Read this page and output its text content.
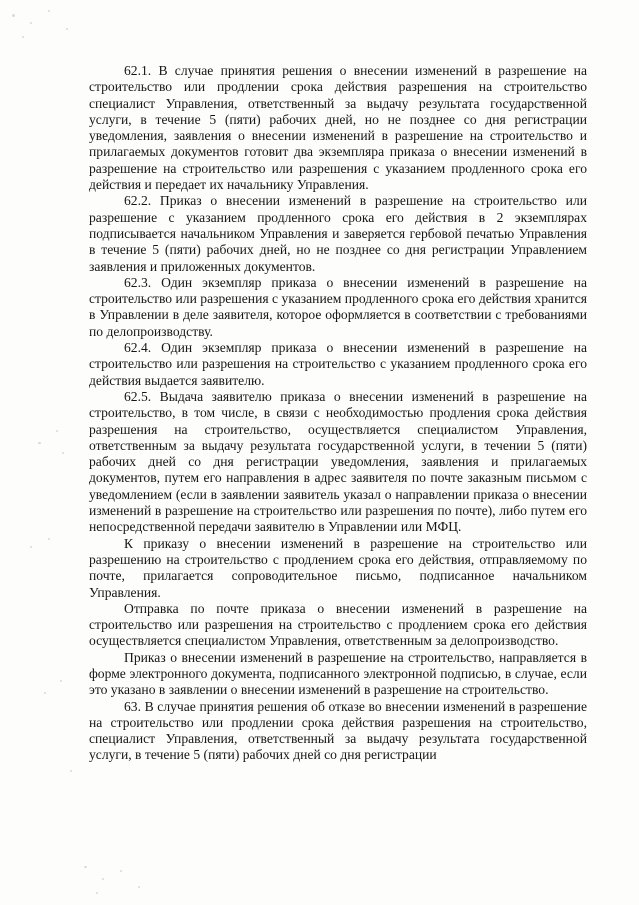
62.1. В случае принятия решения о внесении изменений в разрешение на строительство или продлении срока действия разрешения на строительство специалист Управления, ответственный за выдачу результата государственной услуги, в течение 5 (пяти) рабочих дней, но не позднее со дня регистрации уведомления, заявления о внесении изменений в разрешение на строительство и прилагаемых документов готовит два экземпляра приказа о внесении изменений в разрешение на строительство или разрешения с указанием продленного срока его действия и передает их начальнику Управления.

62.2. Приказ о внесении изменений в разрешение на строительство или разрешение с указанием продленного срока его действия в 2 экземплярах подписывается начальником Управления и заверяется гербовой печатью Управления в течение 5 (пяти) рабочих дней, но не позднее со дня регистрации Управлением заявления и приложенных документов.

62.3. Один экземпляр приказа о внесении изменений в разрешение на строительство или разрешения с указанием продленного срока его действия хранится в Управлении в деле заявителя, которое оформляется в соответствии с требованиями по делопроизводству.

62.4. Один экземпляр приказа о внесении изменений в разрешение на строительство или разрешения на строительство с указанием продленного срока его действия выдается заявителю.

62.5. Выдача заявителю приказа о внесении изменений в разрешение на строительство, в том числе, в связи с необходимостью продления срока действия разрешения на строительство, осуществляется специалистом Управления, ответственным за выдачу результата государственной услуги, в течении 5 (пяти) рабочих дней со дня регистрации уведомления, заявления и прилагаемых документов, путем его направления в адрес заявителя по почте заказным письмом с уведомлением (если в заявлении заявитель указал о направлении приказа о внесении изменений в разрешение на строительство или разрешения по почте), либо путем его непосредственной передачи заявителю в Управлении или МФЦ.

К приказу о внесении изменений в разрешение на строительство или разрешению на строительство с продлением срока его действия, отправляемому по почте, прилагается сопроводительное письмо, подписанное начальником Управления.

Отправка по почте приказа о внесении изменений в разрешение на строительство или разрешения на строительство с продлением срока его действия осуществляется специалистом Управления, ответственным за делопроизводство.

Приказ о внесении изменений в разрешение на строительство, направляется в форме электронного документа, подписанного электронной подписью, в случае, если это указано в заявлении о внесении изменений в разрешение на строительство.

63. В случае принятия решения об отказе во внесении изменений в разрешение на строительство или продлении срока действия разрешения на строительство, специалист Управления, ответственный за выдачу результата государственной услуги, в течение 5 (пяти) рабочих дней со дня регистрации
